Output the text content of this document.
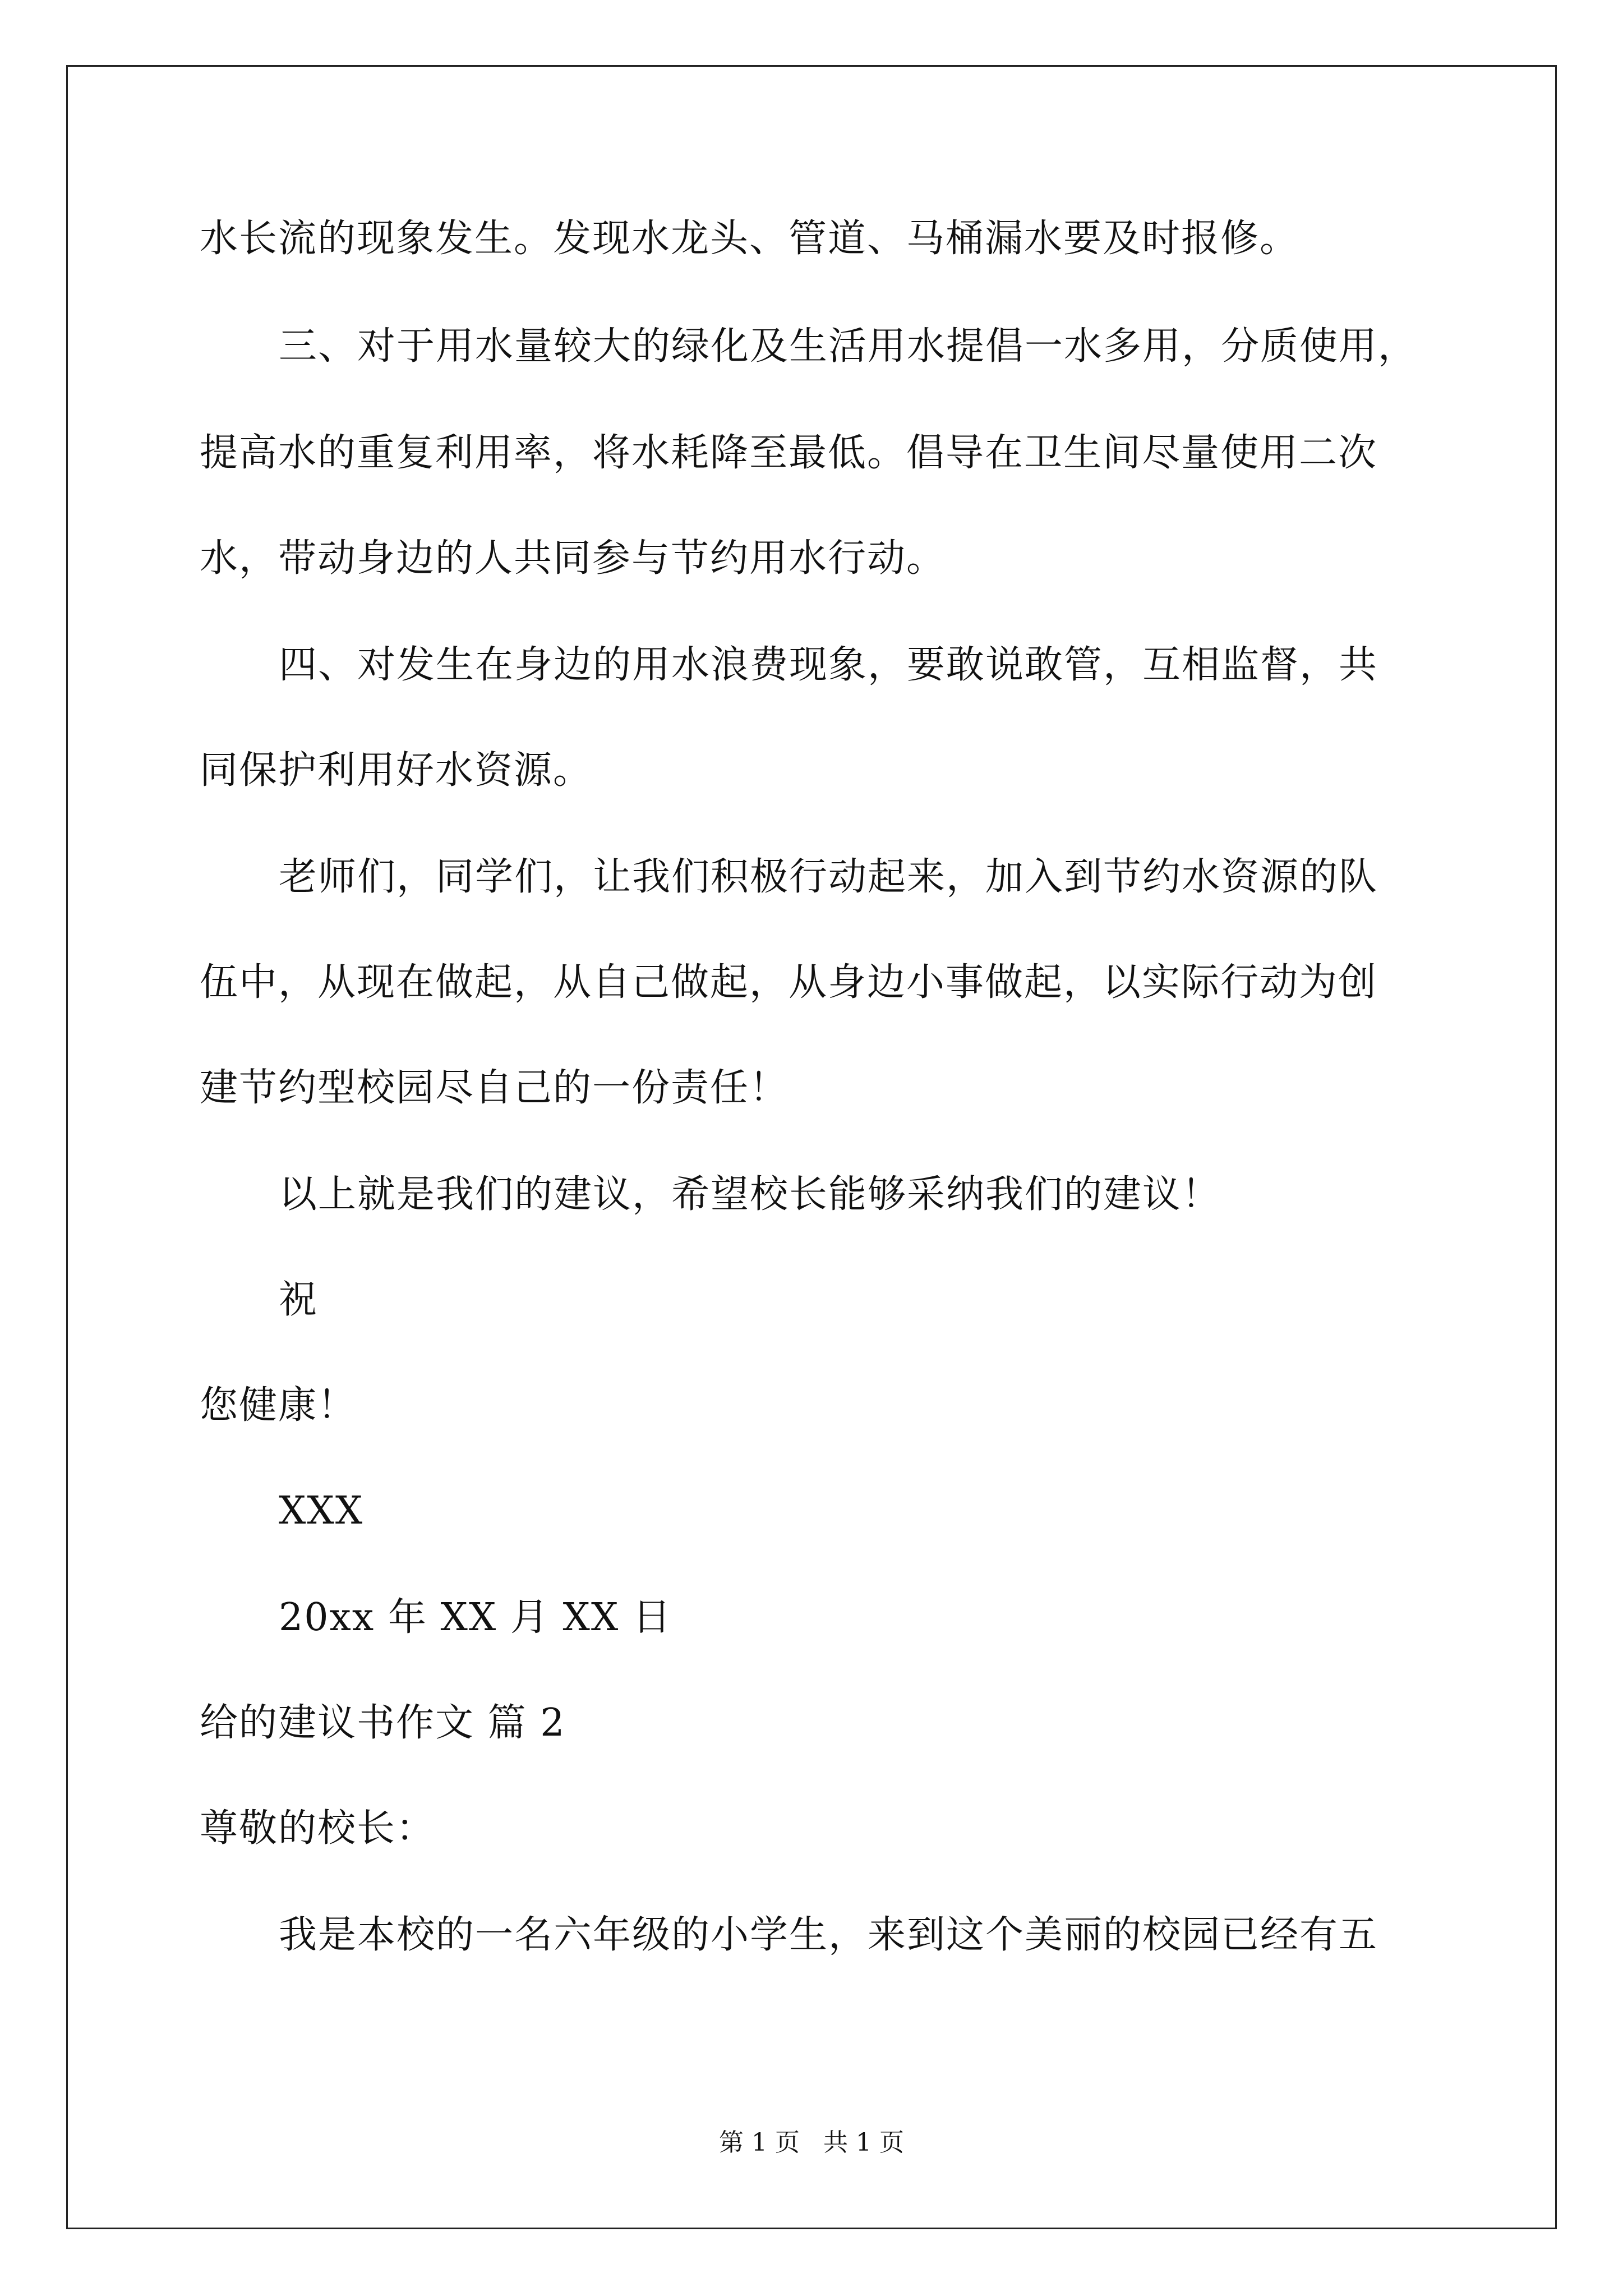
水长流的现象发生。发现水龙头、管道、马桶漏水要及时报修。
三、对于用水量较大的绿化及生活用水提倡一水多用，分质使用，
提高水的重复利用率，将水耗降至最低。倡导在卫生间尽量使用二次
水，带动身边的人共同参与节约用水行动。
四、对发生在身边的用水浪费现象，要敢说敢管，互相监督，共
同保护利用好水资源。
老师们，同学们，让我们积极行动起来，加入到节约水资源的队
伍中，从现在做起，从自己做起，从身边小事做起，以实际行动为创
建节约型校园尽自己的一份责任！
以上就是我们的建议，希望校长能够采纳我们的建议！
祝
您健康！
XXX
20xx 年 XX 月 XX 日
给的建议书作文 篇 2
尊敬的校长：
我是本校的一名六年级的小学生，来到这个美丽的校园已经有五
第 1 页   共 1 页
